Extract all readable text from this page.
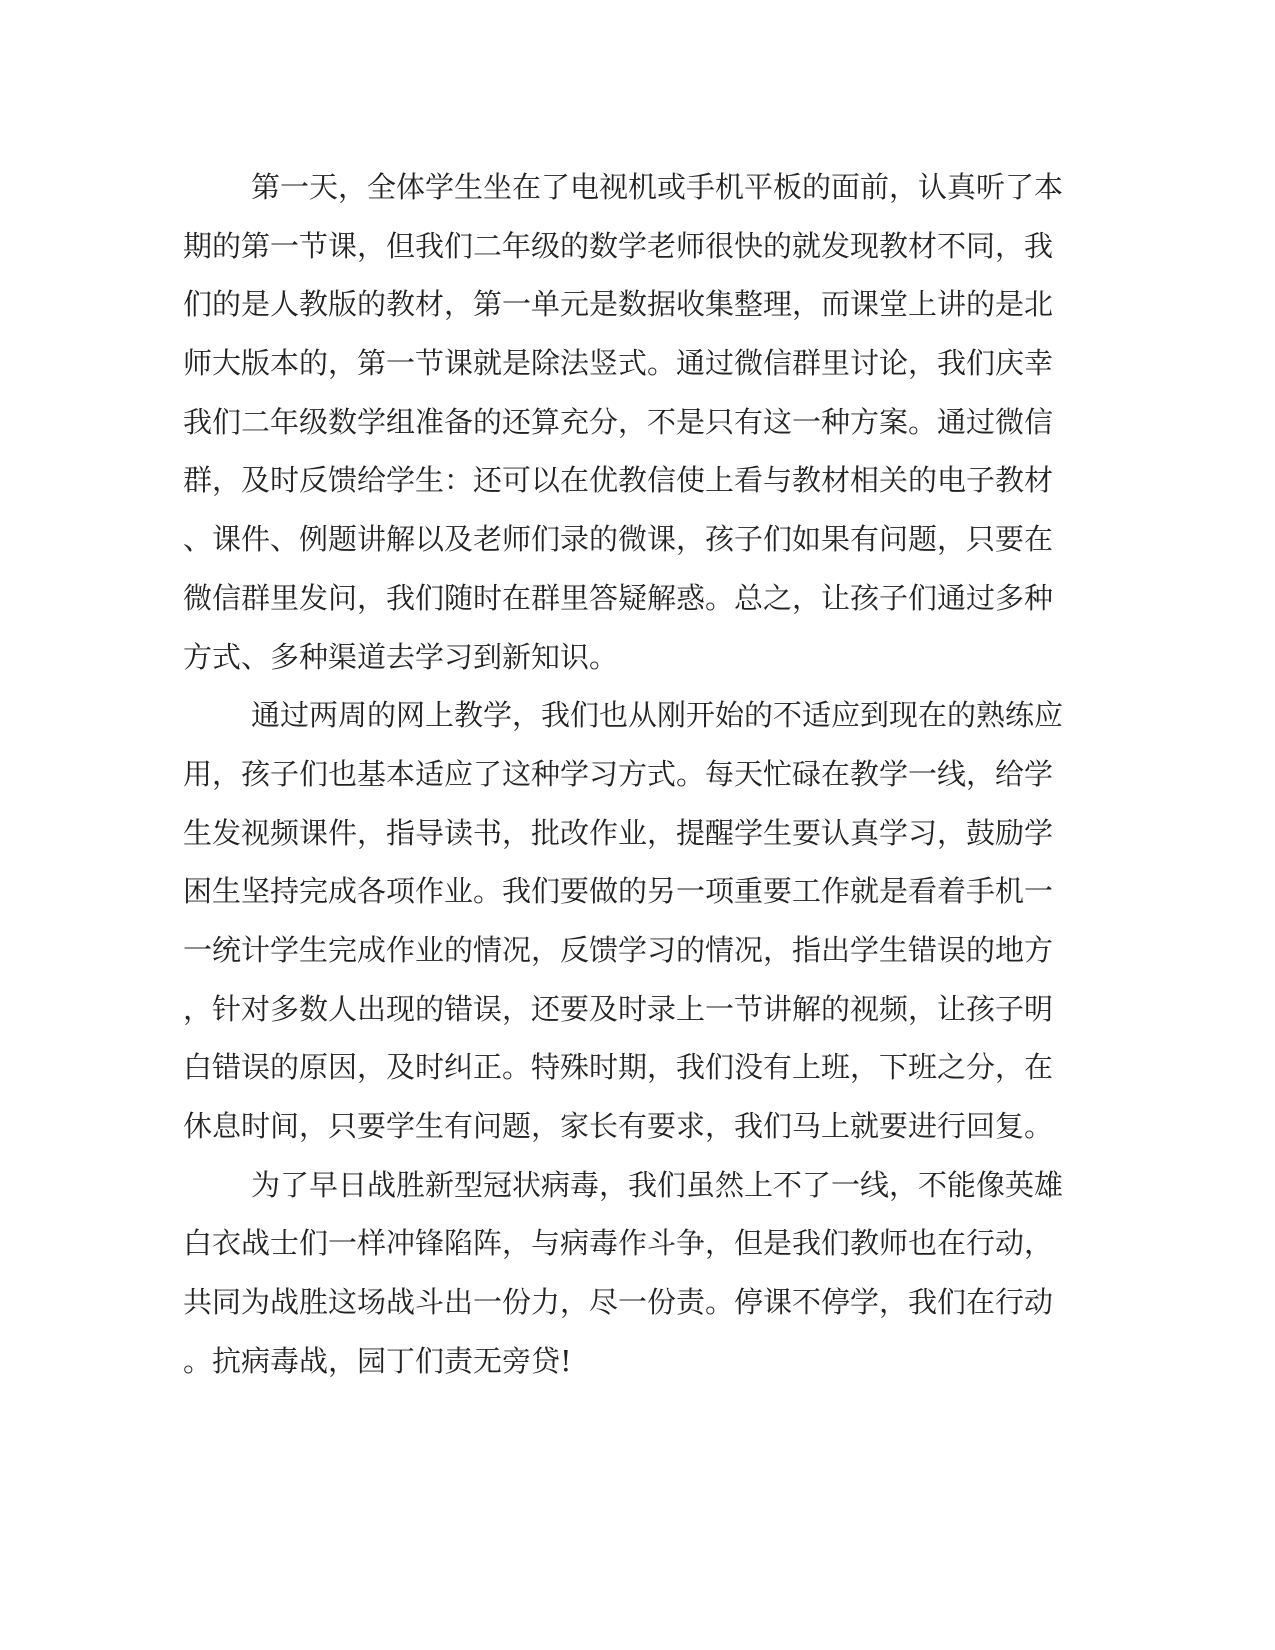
第一天，全体学生坐在了电视机或手机平板的面前，认真听了本
期的第一节课，但我们二年级的数学老师很快的就发现教材不同，我
们的是人教版的教材，第一单元是数据收集整理，而课堂上讲的是北
师大版本的，第一节课就是除法竖式。通过微信群里讨论，我们庆幸
我们二年级数学组准备的还算充分，不是只有这一种方案。通过微信
群，及时反馈给学生：还可以在优教信使上看与教材相关的电子教材
、课件、例题讲解以及老师们录的微课，孩子们如果有问题，只要在
微信群里发问，我们随时在群里答疑解惑。总之，让孩子们通过多种
方式、多种渠道去学习到新知识。
通过两周的网上教学，我们也从刚开始的不适应到现在的熟练应
用，孩子们也基本适应了这种学习方式。每天忙碌在教学一线，给学
生发视频课件，指导读书，批改作业，提醒学生要认真学习，鼓励学
困生坚持完成各项作业。我们要做的另一项重要工作就是看着手机一
一统计学生完成作业的情况，反馈学习的情况，指出学生错误的地方
，针对多数人出现的错误，还要及时录上一节讲解的视频，让孩子明
白错误的原因，及时纠正。特殊时期，我们没有上班，下班之分，在
休息时间，只要学生有问题，家长有要求，我们马上就要进行回复。
为了早日战胜新型冠状病毒，我们虽然上不了一线，不能像英雄
白衣战士们一样冲锋陷阵，与病毒作斗争，但是我们教师也在行动，
共同为战胜这场战斗出一份力，尽一份责。停课不停学，我们在行动
。抗病毒战，园丁们责无旁贷!
